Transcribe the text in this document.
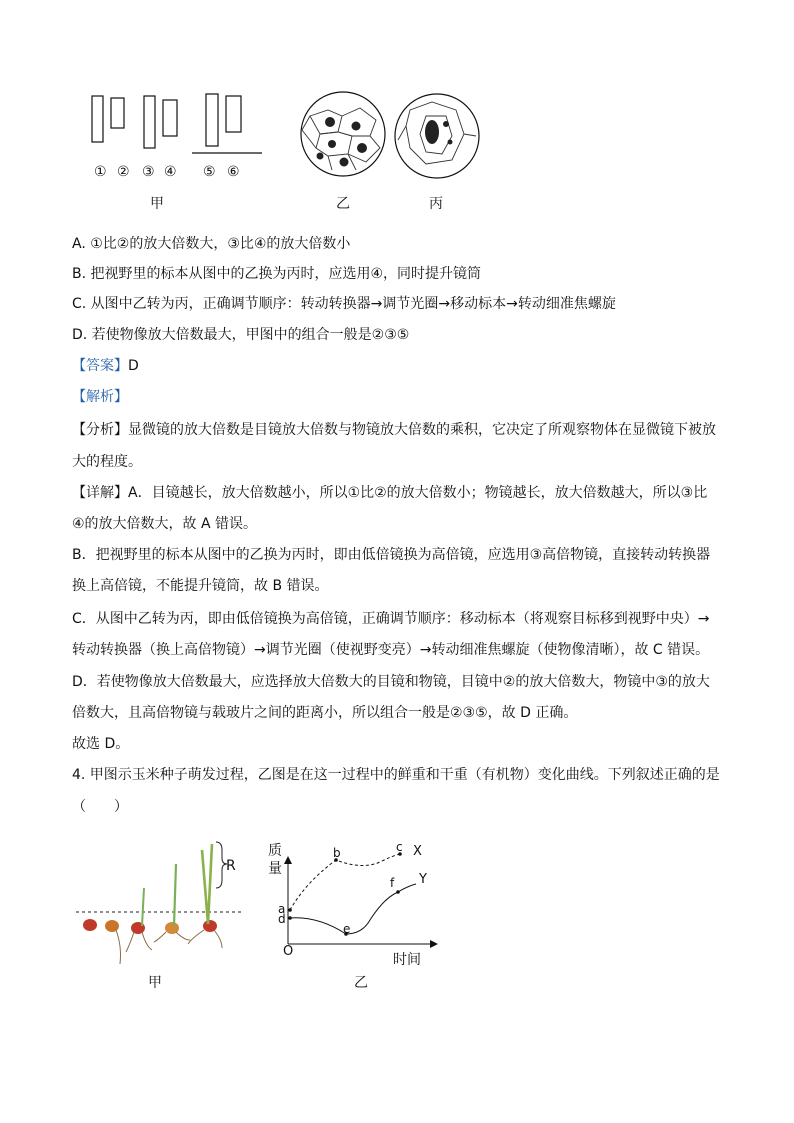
① ② ③ ④ ⑤ ⑥
甲	乙	丙
A. ①比②的放大倍数大，③比④的放大倍数小
B. 把视野里的标本从图中的乙换为丙时，应选用④，同时提升镜筒
C. 从图中乙转为丙，正确调节顺序：转动转换器→调节光圈→移动标本→转动细准焦螺旋
D. 若使物像放大倍数最大，甲图中的组合一般是②③⑤
【答案】D
【解析】
【分析】显微镜的放大倍数是目镜放大倍数与物镜放大倍数的乘积，它决定了所观察物体在显微镜下被放
大的程度。
【详解】A．目镜越长，放大倍数越小，所以①比②的放大倍数小；物镜越长，放大倍数越大，所以③比
④的放大倍数大，故 A 错误。
B．把视野里的标本从图中的乙换为丙时，即由低倍镜换为高倍镜，应选用③高倍物镜，直接转动转换器
换上高倍镜，不能提升镜筒，故 B 错误。
C．从图中乙转为丙，即由低倍镜换为高倍镜，正确调节顺序：移动标本（将观察目标移到视野中央）→
转动转换器（换上高倍物镜）→调节光圈（使视野变亮）→转动细准焦螺旋（使物像清晰），故 C 错误。
D．若使物像放大倍数最大，应选择放大倍数大的目镜和物镜，目镜中②的放大倍数大，物镜中③的放大
倍数大，且高倍物镜与载玻片之间的距离小，所以组合一般是②③⑤，故 D 正确。
故选 D。
4. 甲图示玉米种子萌发过程，乙图是在这一过程中的鲜重和干重（有机物）变化曲线。下列叙述正确的是
（　　）
R
甲
质
量
a
b	c
d
e
f
X
Y
O
时间
乙
